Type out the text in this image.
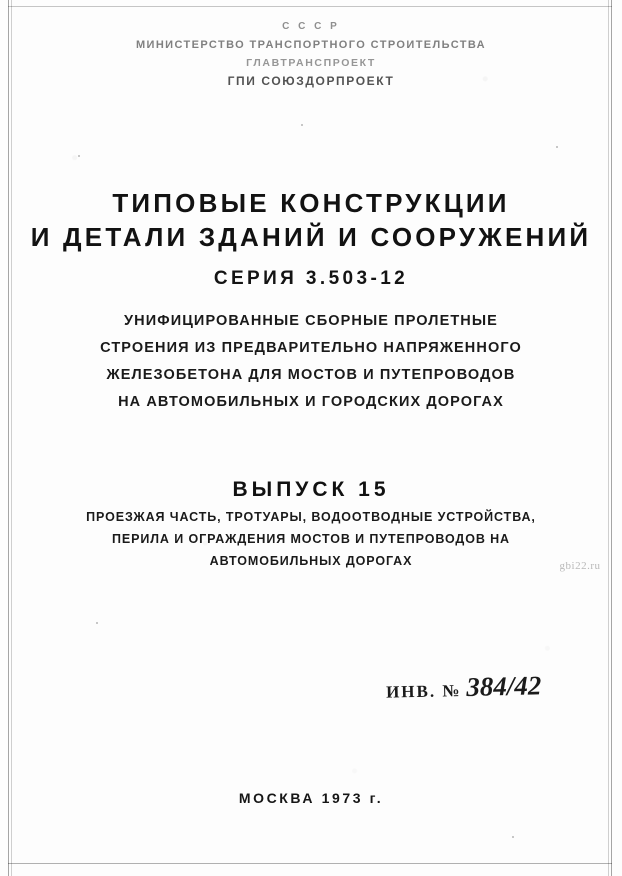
С С С Р
МИНИСТЕРСТВО ТРАНСПОРТНОГО СТРОИТЕЛЬСТВА
ГЛАВТРАНСПРОЕКТ
ГПИ СОЮЗДОРПРОЕКТ
ТИПОВЫЕ КОНСТРУКЦИИ
И ДЕТАЛИ ЗДАНИЙ И СООРУЖЕНИЙ
СЕРИЯ 3.503-12
УНИФИЦИРОВАННЫЕ СБОРНЫЕ ПРОЛЕТНЫЕ
СТРОЕНИЯ ИЗ ПРЕДВАРИТЕЛЬНО НАПРЯЖЕННОГО
ЖЕЛЕЗОБЕТОНА ДЛЯ МОСТОВ И ПУТЕПРОВОДОВ
НА АВТОМОБИЛЬНЫХ И ГОРОДСКИХ ДОРОГАХ
ВЫПУСК 15
ПРОЕЗЖАЯ ЧАСТЬ, ТРОТУАРЫ, ВОДООТВОДНЫЕ УСТРОЙСТВА,
ПЕРИЛА И ОГРАЖДЕНИЯ МОСТОВ И ПУТЕПРОВОДОВ НА
АВТОМОБИЛЬНЫХ ДОРОГАХ	gbi22.ru
ИНВ. № 384/42
МОСКВА 1973 г.
